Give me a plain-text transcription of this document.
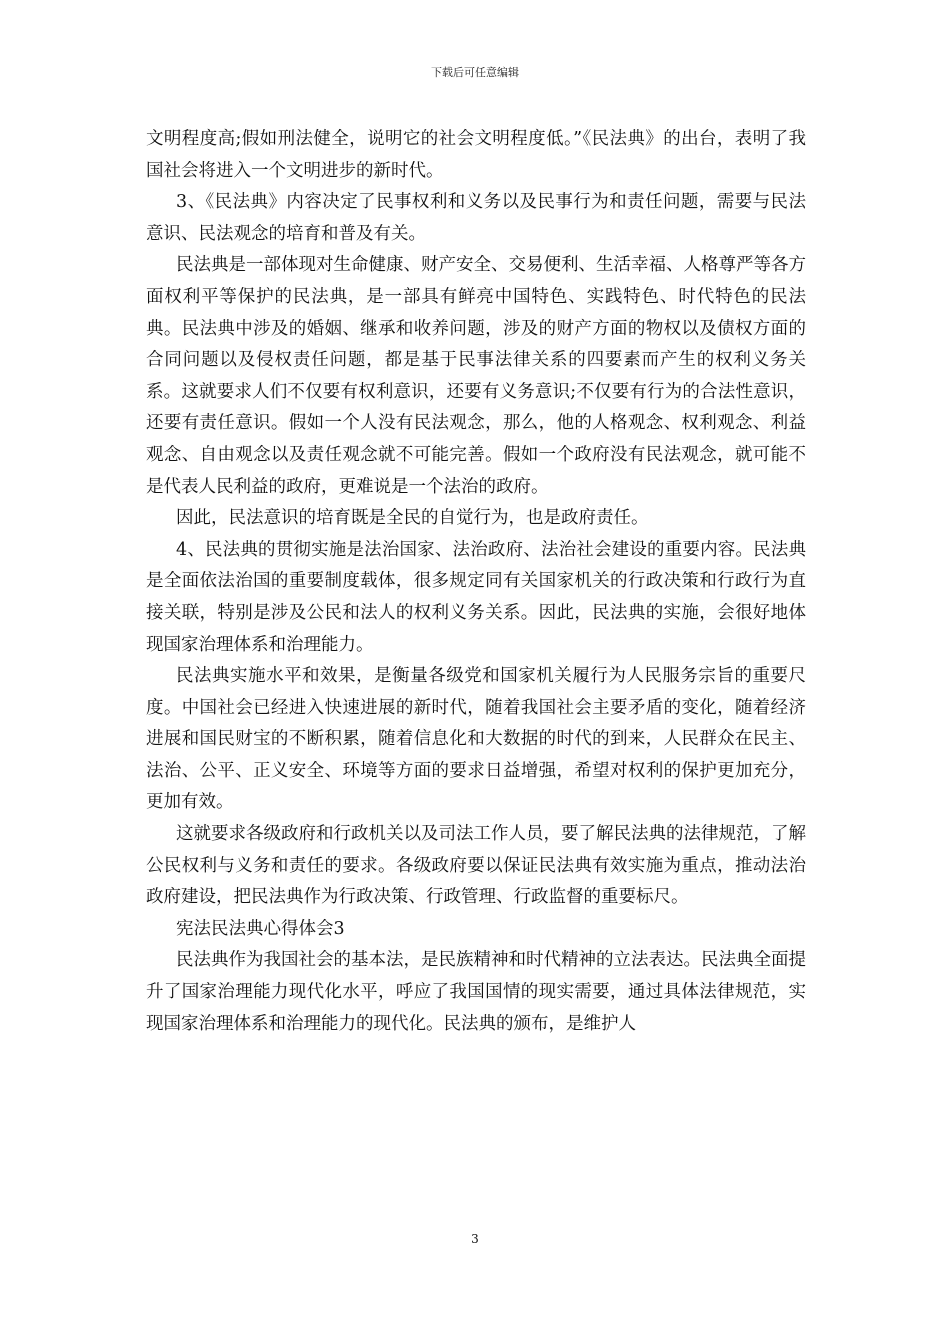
下载后可任意编辑

文明程度高;假如刑法健全，说明它的社会文明程度低。”《民法典》的出台，表明了我国社会将进入一个文明进步的新时代。

3、《民法典》内容决定了民事权利和义务以及民事行为和责任问题，需要与民法意识、民法观念的培育和普及有关。

民法典是一部体现对生命健康、财产安全、交易便利、生活幸福、人格尊严等各方面权利平等保护的民法典，是一部具有鲜亮中国特色、实践特色、时代特色的民法典。民法典中涉及的婚姻、继承和收养问题，涉及的财产方面的物权以及债权方面的合同问题以及侵权责任问题，都是基于民事法律关系的四要素而产生的权利义务关系。这就要求人们不仅要有权利意识，还要有义务意识;不仅要有行为的合法性意识，还要有责任意识。假如一个人没有民法观念，那么，他的人格观念、权利观念、利益观念、自由观念以及责任观念就不可能完善。假如一个政府没有民法观念，就可能不是代表人民利益的政府，更难说是一个法治的政府。

因此，民法意识的培育既是全民的自觉行为，也是政府责任。

4、民法典的贯彻实施是法治国家、法治政府、法治社会建设的重要内容。民法典是全面依法治国的重要制度载体，很多规定同有关国家机关的行政决策和行政行为直接关联，特别是涉及公民和法人的权利义务关系。因此，民法典的实施，会很好地体现国家治理体系和治理能力。

民法典实施水平和效果，是衡量各级党和国家机关履行为人民服务宗旨的重要尺度。中国社会已经进入快速进展的新时代，随着我国社会主要矛盾的变化，随着经济进展和国民财宝的不断积累，随着信息化和大数据的时代的到来，人民群众在民主、法治、公平、正义安全、环境等方面的要求日益增强，希望对权利的保护更加充分，更加有效。

这就要求各级政府和行政机关以及司法工作人员，要了解民法典的法律规范，了解公民权利与义务和责任的要求。各级政府要以保证民法典有效实施为重点，推动法治政府建设，把民法典作为行政决策、行政管理、行政监督的重要标尺。

宪法民法典心得体会3

民法典作为我国社会的基本法，是民族精神和时代精神的立法表达。民法典全面提升了国家治理能力现代化水平，呼应了我国国情的现实需要，通过具体法律规范，实现国家治理体系和治理能力的现代化。民法典的颁布，是维护人

3
